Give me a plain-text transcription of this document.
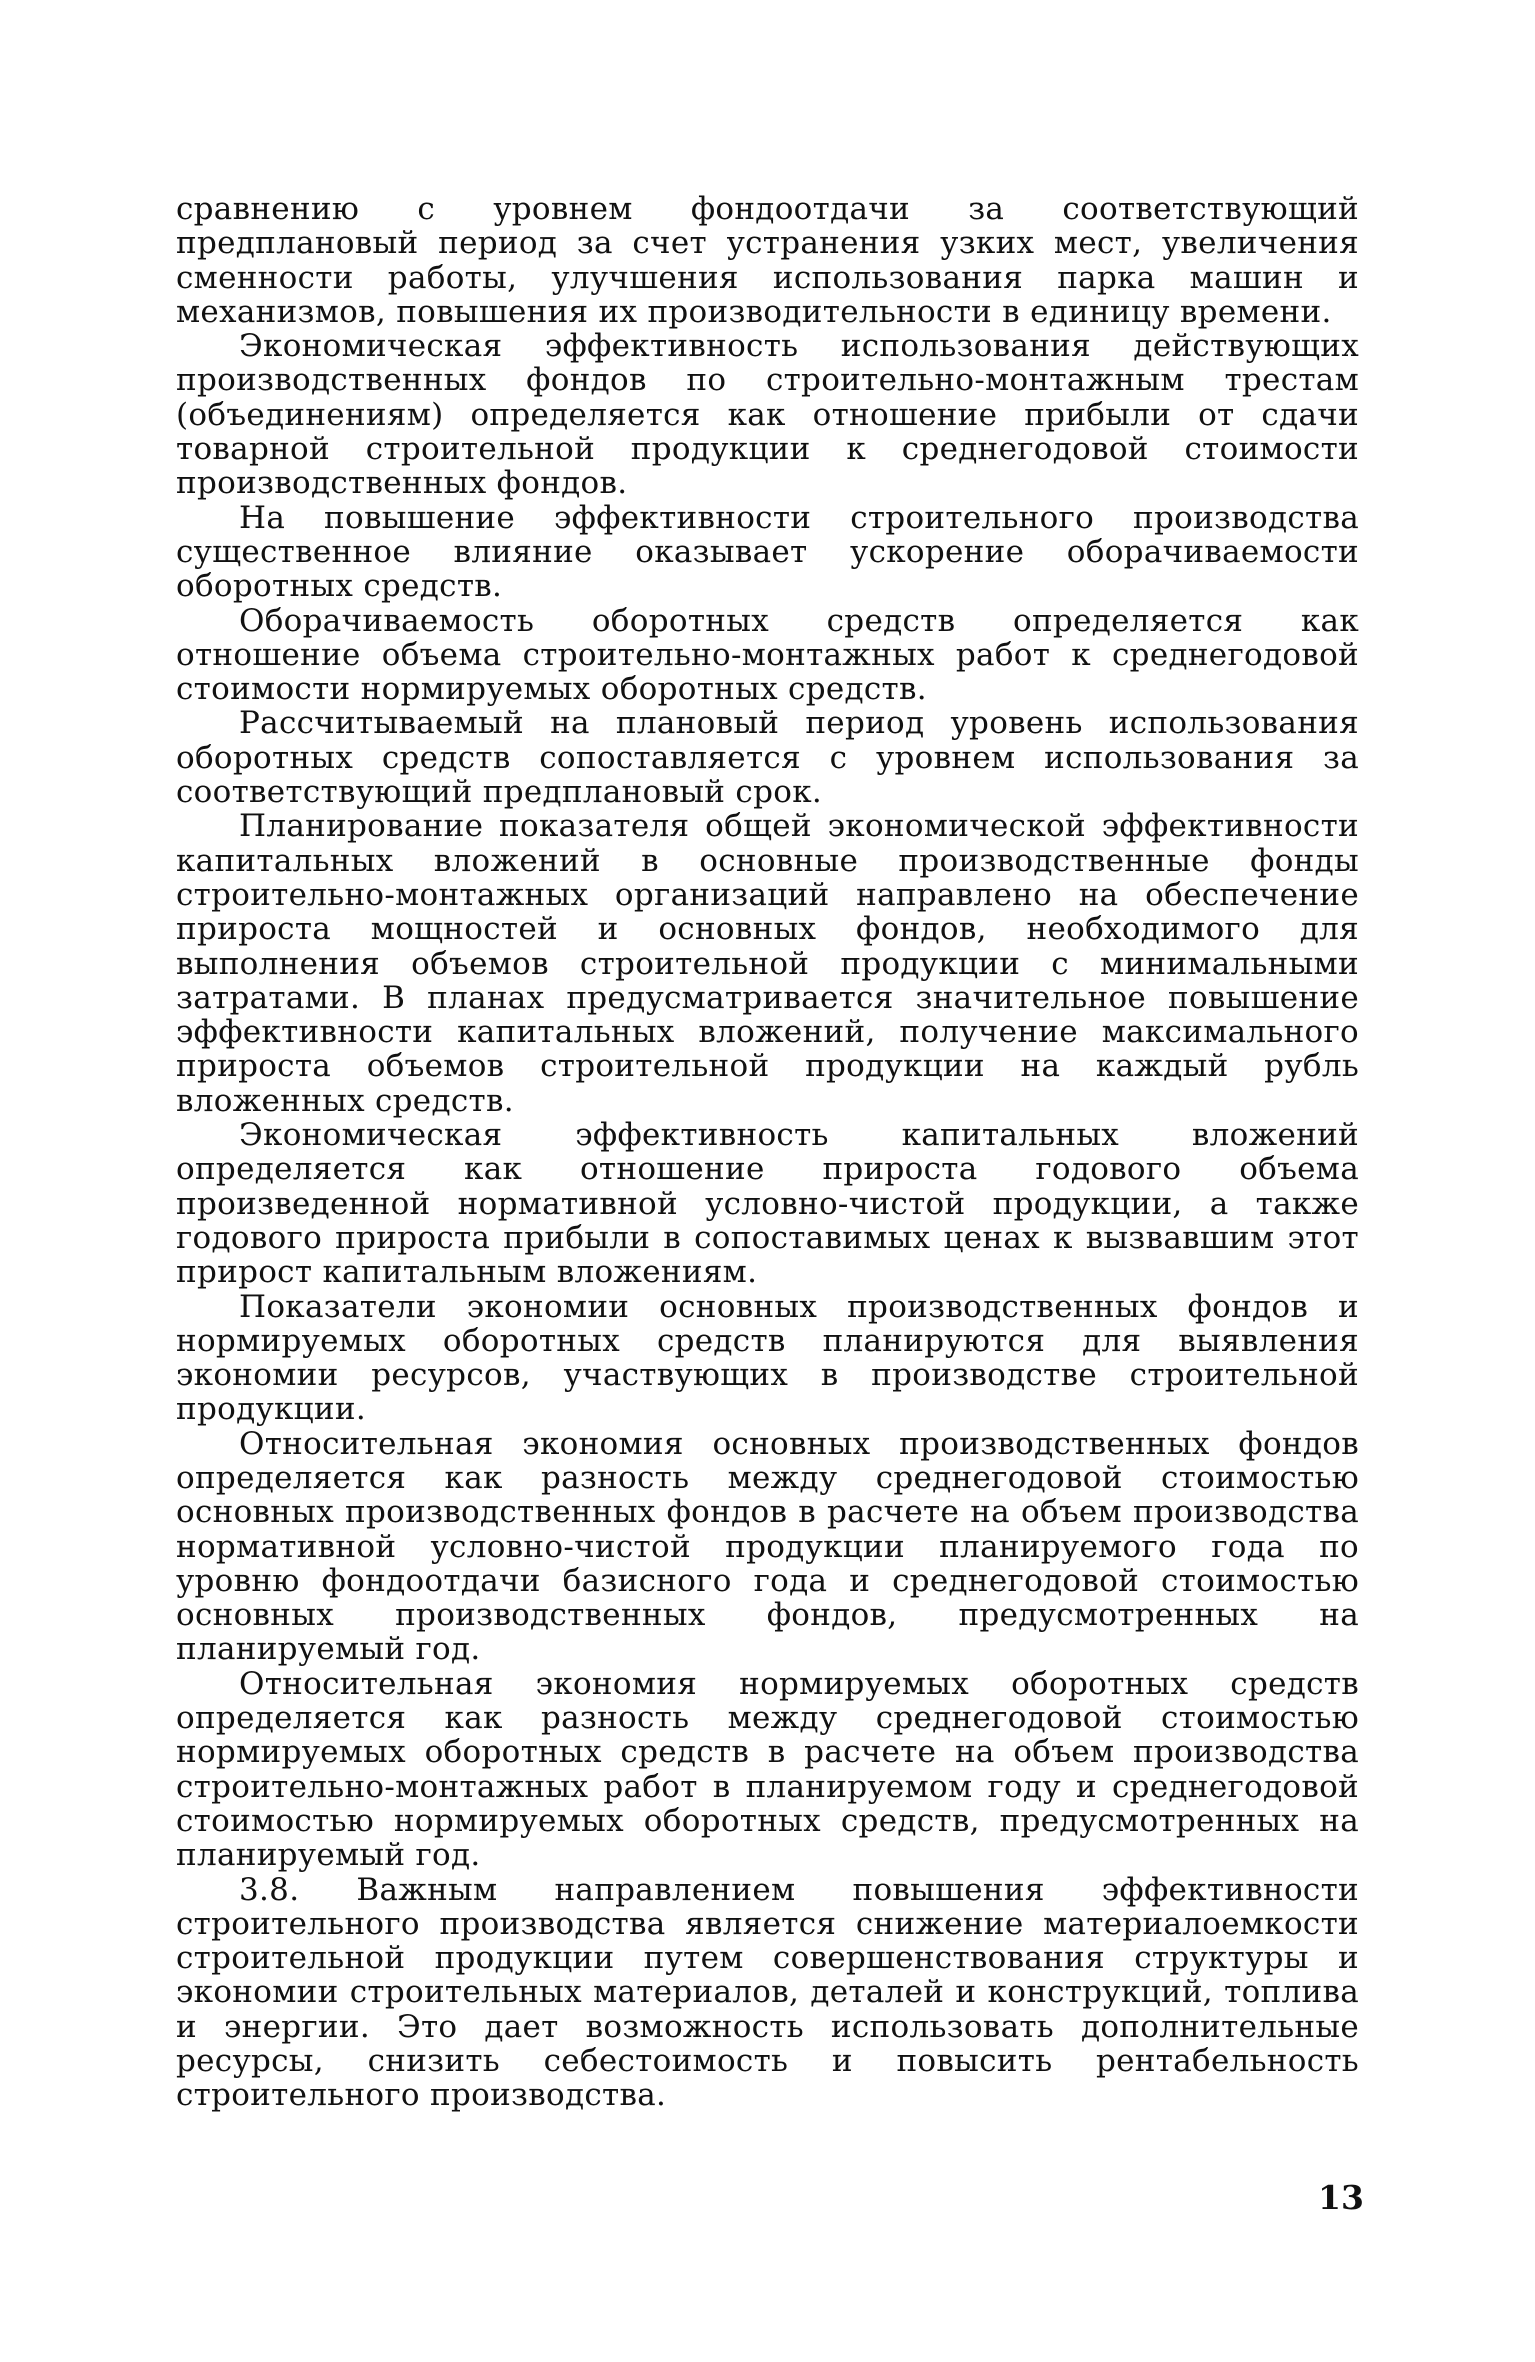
сравнению с уровнем фондоотдачи за соответствующий предплановый период за счет устранения узких мест, увеличения сменности работы, улучшения использования парка машин и механизмов, повышения их производительности в единицу времени.

Экономическая эффективность использования действующих производственных фондов по строительно-монтажным трестам (объединениям) определяется как отношение прибыли от сдачи товарной строительной продукции к среднегодовой стоимости производственных фондов.

На повышение эффективности строительного производства существенное влияние оказывает ускорение оборачиваемости оборотных средств.

Оборачиваемость оборотных средств определяется как отношение объема строительно-монтажных работ к среднегодовой стоимости нормируемых оборотных средств.

Рассчитываемый на плановый период уровень использования оборотных средств сопоставляется с уровнем использования за соответствующий предплановый срок.

Планирование показателя общей экономической эффективности капитальных вложений в основные производственные фонды строительно-монтажных организаций направлено на обеспечение прироста мощностей и основных фондов, необходимого для выполнения объемов строительной продукции с минимальными затратами. В планах предусматривается значительное повышение эффективности капитальных вложений, получение максимального прироста объемов строительной продукции на каждый рубль вложенных средств.

Экономическая эффективность капитальных вложений определяется как отношение прироста годового объема произведенной нормативной условно-чистой продукции, а также годового прироста прибыли в сопоставимых ценах к вызвавшим этот прирост капитальным вложениям.

Показатели экономии основных производственных фондов и нормируемых оборотных средств планируются для выявления экономии ресурсов, участвующих в производстве строительной продукции.

Относительная экономия основных производственных фондов определяется как разность между среднегодовой стоимостью основных производственных фондов в расчете на объем производства нормативной условно-чистой продукции планируемого года по уровню фондоотдачи базисного года и среднегодовой стоимостью основных производственных фондов, предусмотренных на планируемый год.

Относительная экономия нормируемых оборотных средств определяется как разность между среднегодовой стоимостью нормируемых оборотных средств в расчете на объем производства строительно-монтажных работ в планируемом году и среднегодовой стоимостью нормируемых оборотных средств, предусмотренных на планируемый год.

3.8. Важным направлением повышения эффективности строительного производства является снижение материалоемкости строительной продукции путем совершенствования структуры и экономии строительных материалов, деталей и конструкций, топлива и энергии. Это дает возможность использовать дополнительные ресурсы, снизить себестоимость и повысить рентабельность строительного производства.

13
